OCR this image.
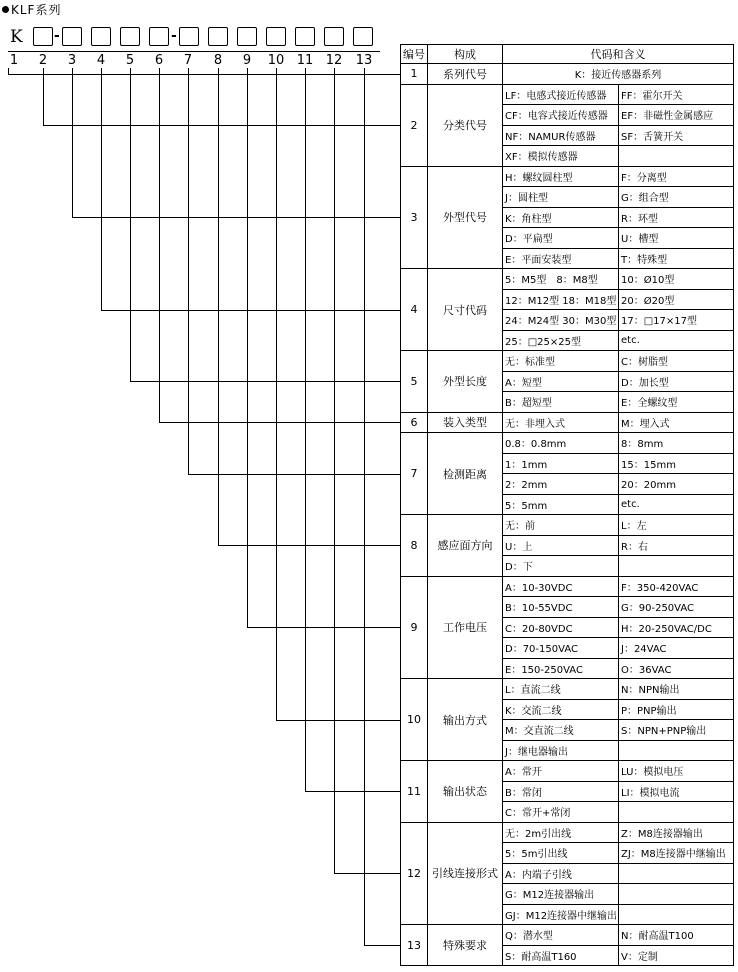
KLF系列
K -	-
1	2	3	4	5	6	7	8	9	10 11 12	13	编号	构成	代码和含义	
1	系列代号	K：接近传感器系列	
2	分类代号	LF：电感式接近传感器	FF：霍尔开关
		CF：电容式接近传感器	EF：非磁性金属感应
		NF：NAMUR传感器	SF：舌簧开关
		XF：模拟传感器	
3	外型代号	H：螺纹圆柱型	F：分离型
		J：圆柱型	G：组合型
		K：角柱型	R：环型
		D：平扁型	U：槽型
		E：平面安装型	T：特殊型
4	尺寸代码	5：M5型　8：M8型	10：Ø10型
		12：M12型 18：M18型	20：Ø20型
		24：M24型 30：M30型	17：□17×17型
		25：□25×25型	etc.
5	外型长度	无：标准型	C：树脂型
		A：短型	D：加长型
		B：超短型	E：全螺纹型
6	装入类型	无：非埋入式	M：埋入式
7	检测距离	0.8：0.8mm	8：8mm
		1：1mm	15：15mm
		2：2mm	20：20mm
		5：5mm	etc.
8	感应面方向	无：前	L：左
		U：上	R：右
		D：下	
9	工作电压	A：10-30VDC	F：350-420VAC
		B：10-55VDC	G：90-250VAC
		C：20-80VDC	H：20-250VAC/DC
		D：70-150VAC	J：24VAC
		E：150-250VAC	O：36VAC
10	输出方式	L：直流二线	N：NPN输出
		K：交流二线	P：PNP输出
		M：交直流二线	S：NPN+PNP输出
		J：继电器输出	
11	输出状态	A：常开	LU：模拟电压
		B：常闭	LI：模拟电流
		C：常开+常闭	
12	引线连接形式	无：2m引出线	Z：M8连接器输出
		5：5m引出线	ZJ：M8连接器中继输出
		A：内端子引线	
		G：M12连接器输出	
		GJ：M12连接器中继输出	
13	特殊要求	Q：潜水型	N：耐高温T100
		S：耐高温T160	V：定制
